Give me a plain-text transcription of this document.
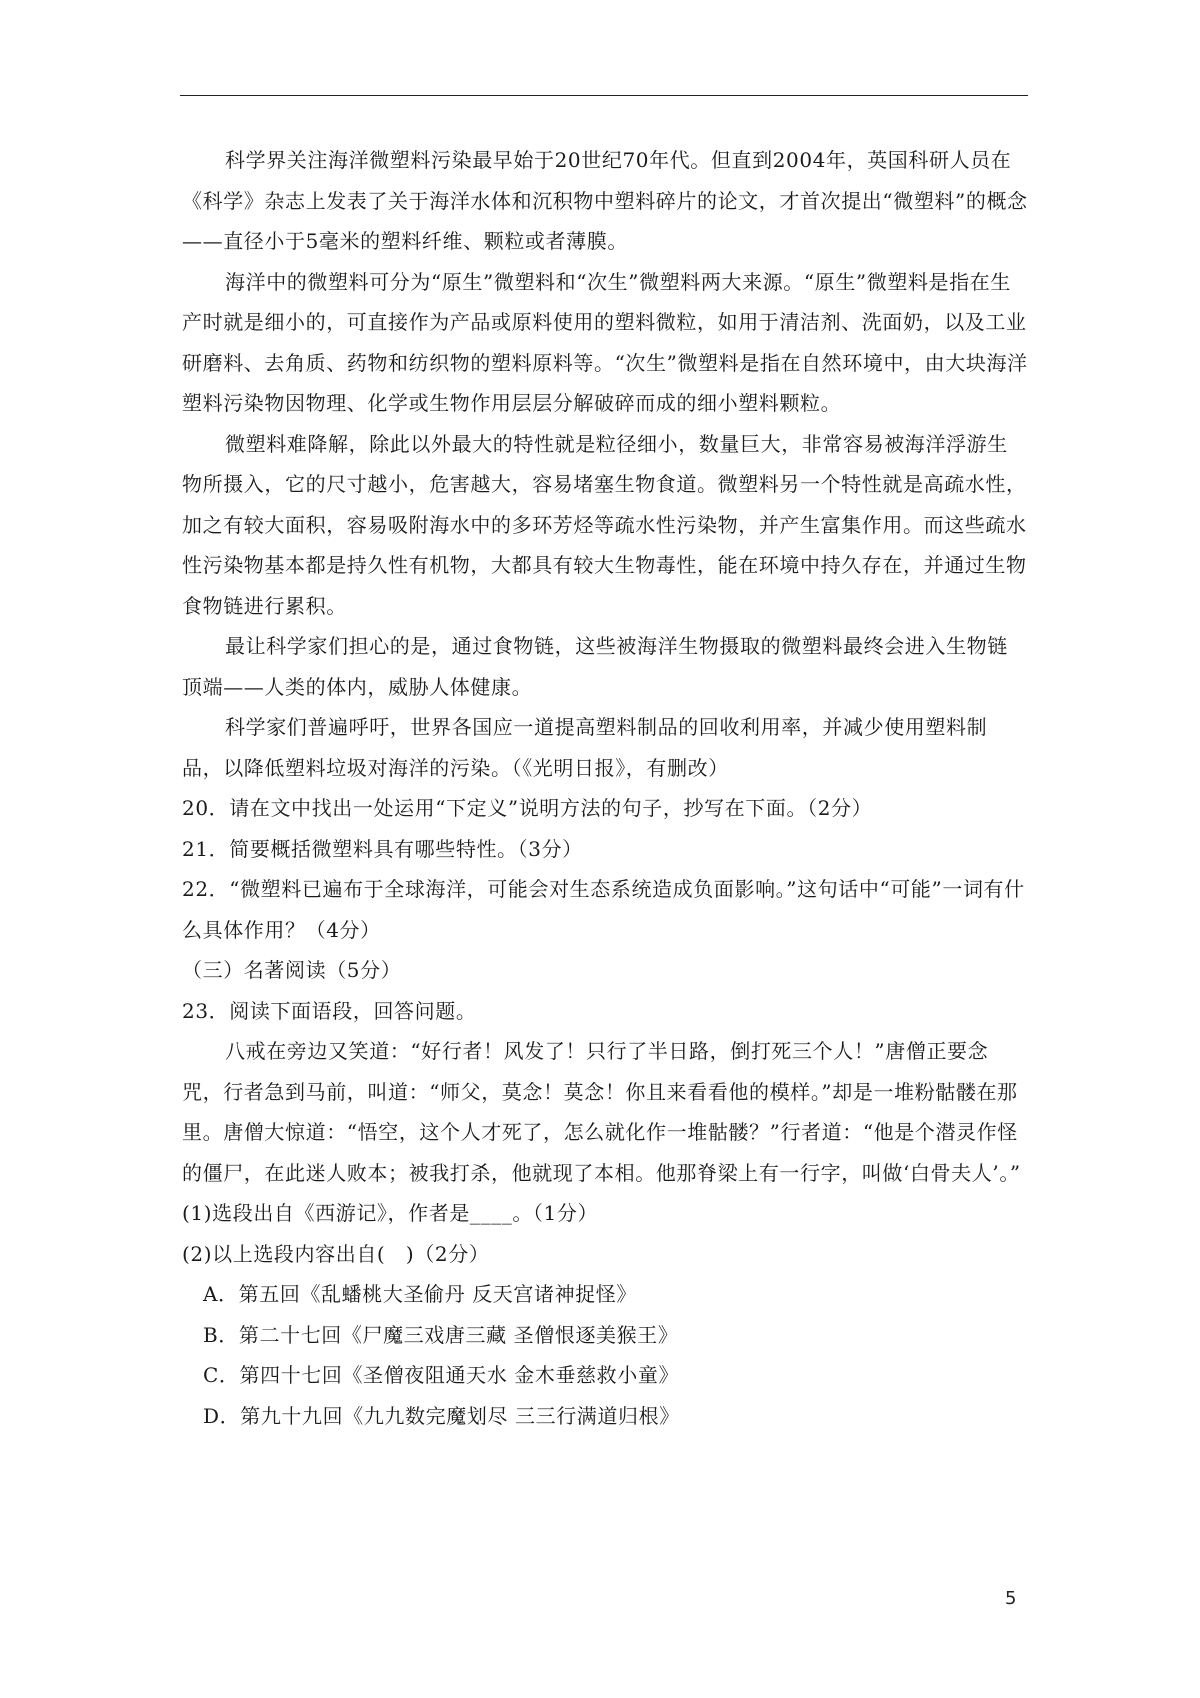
科学界关注海洋微塑料污染最早始于20世纪70年代。但直到2004年，英国科研人员在《科学》杂志上发表了关于海洋水体和沉积物中塑料碎片的论文，才首次提出“微塑料”的概念——直径小于5毫米的塑料纤维、颗粒或者薄膜。

海洋中的微塑料可分为“原生”微塑料和“次生”微塑料两大来源。“原生”微塑料是指在生产时就是细小的，可直接作为产品或原料使用的塑料微粒，如用于清洁剂、洗面奶，以及工业研磨料、去角质、药物和纺织物的塑料原料等。“次生”微塑料是指在自然环境中，由大块海洋塑料污染物因物理、化学或生物作用层层分解破碎而成的细小塑料颗粒。

微塑料难降解，除此以外最大的特性就是粒径细小，数量巨大，非常容易被海洋浮游生物所摄入，它的尺寸越小，危害越大，容易堵塞生物食道。微塑料另一个特性就是高疏水性，加之有较大面积，容易吸附海水中的多环芳烃等疏水性污染物，并产生富集作用。而这些疏水性污染物基本都是持久性有机物，大都具有较大生物毒性，能在环境中持久存在，并通过生物食物链进行累积。

最让科学家们担心的是，通过食物链，这些被海洋生物摄取的微塑料最终会进入生物链顶端——人类的体内，威胁人体健康。

科学家们普遍呼吁，世界各国应一道提高塑料制品的回收利用率，并减少使用塑料制品，以降低塑料垃圾对海洋的污染。（《光明日报》，有删改）

20．请在文中找出一处运用“下定义”说明方法的句子，抄写在下面。（2分）

21．简要概括微塑料具有哪些特性。（3分）

22．“微塑料已遍布于全球海洋，可能会对生态系统造成负面影响。”这句话中“可能”一词有什么具体作用？（4分）

（三）名著阅读（5分）

23．阅读下面语段，回答问题。

八戒在旁边又笑道：“好行者！风发了！只行了半日路，倒打死三个人！”唐僧正要念咒，行者急到马前，叫道：“师父，莫念！莫念！你且来看看他的模样。”却是一堆粉骷髅在那里。唐僧大惊道：“悟空，这个人才死了，怎么就化作一堆骷髅？”行者道：“他是个潜灵作怪的僵尸，在此迷人败本；被我打杀，他就现了本相。他那脊梁上有一行字，叫做‘白骨夫人’。”

(1)选段出自《西游记》，作者是____。（1分）

(2)以上选段内容出自(　)（2分）

A．第五回《乱蟠桃大圣偷丹 反天宫诸神捉怪》

B．第二十七回《尸魔三戏唐三藏 圣僧恨逐美猴王》

C．第四十七回《圣僧夜阻通天水 金木垂慈救小童》

D．第九十九回《九九数完魔划尽 三三行满道归根》

5
